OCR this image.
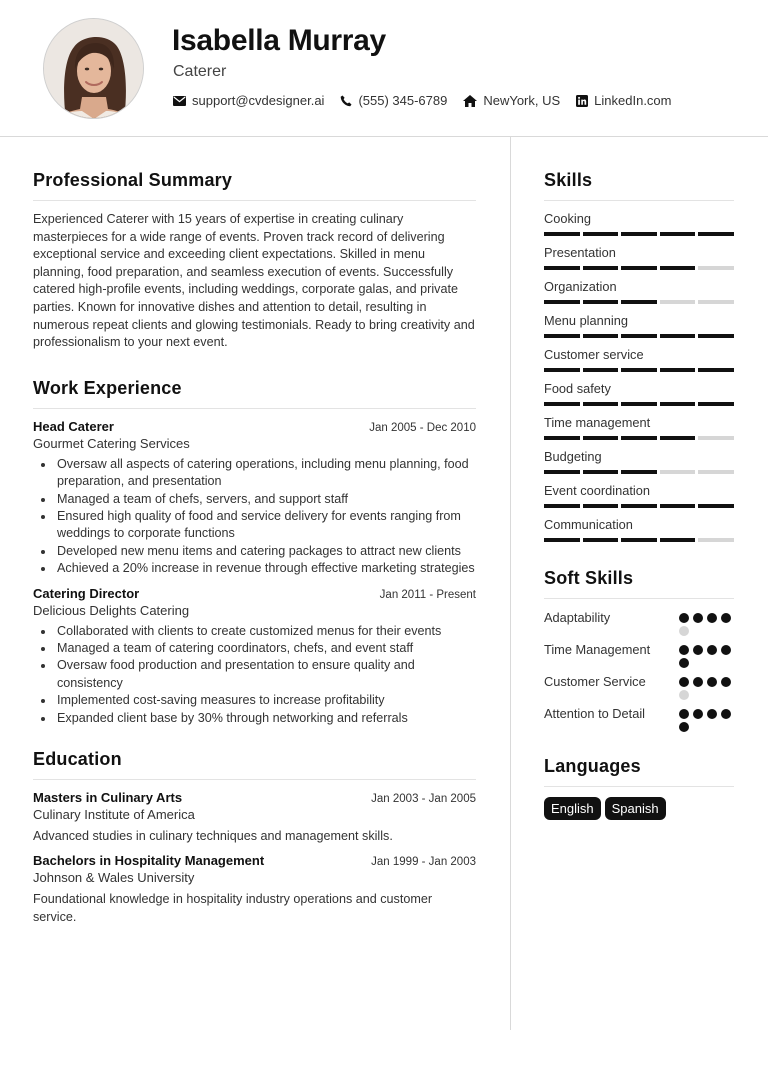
Isabella Murray
Caterer
support@cvdesigner.ai	(555) 345-6789	NewYork, US	LinkedIn.com
Professional Summary
Experienced Caterer with 15 years of expertise in creating culinary masterpieces for a wide range of events. Proven track record of delivering exceptional service and exceeding client expectations. Skilled in menu planning, food preparation, and seamless execution of events. Successfully catered high-profile events, including weddings, corporate galas, and private parties. Known for innovative dishes and attention to detail, resulting in numerous repeat clients and glowing testimonials. Ready to bring creativity and professionalism to your next event.
Work Experience
Head Caterer	Jan 2005 - Dec 2010
Gourmet Catering Services
Oversaw all aspects of catering operations, including menu planning, food preparation, and presentation
Managed a team of chefs, servers, and support staff
Ensured high quality of food and service delivery for events ranging from weddings to corporate functions
Developed new menu items and catering packages to attract new clients
Achieved a 20% increase in revenue through effective marketing strategies
Catering Director	Jan 2011 - Present
Delicious Delights Catering
Collaborated with clients to create customized menus for their events
Managed a team of catering coordinators, chefs, and event staff
Oversaw food production and presentation to ensure quality and consistency
Implemented cost-saving measures to increase profitability
Expanded client base by 30% through networking and referrals
Education
Masters in Culinary Arts	Jan 2003 - Jan 2005
Culinary Institute of America
Advanced studies in culinary techniques and management skills.
Bachelors in Hospitality Management	Jan 1999 - Jan 2003
Johnson & Wales University
Foundational knowledge in hospitality industry operations and customer service.
Skills
Cooking
Presentation
Organization
Menu planning
Customer service
Food safety
Time management
Budgeting
Event coordination
Communication
Soft Skills
Adaptability
Time Management
Customer Service
Attention to Detail
Languages
English	Spanish
